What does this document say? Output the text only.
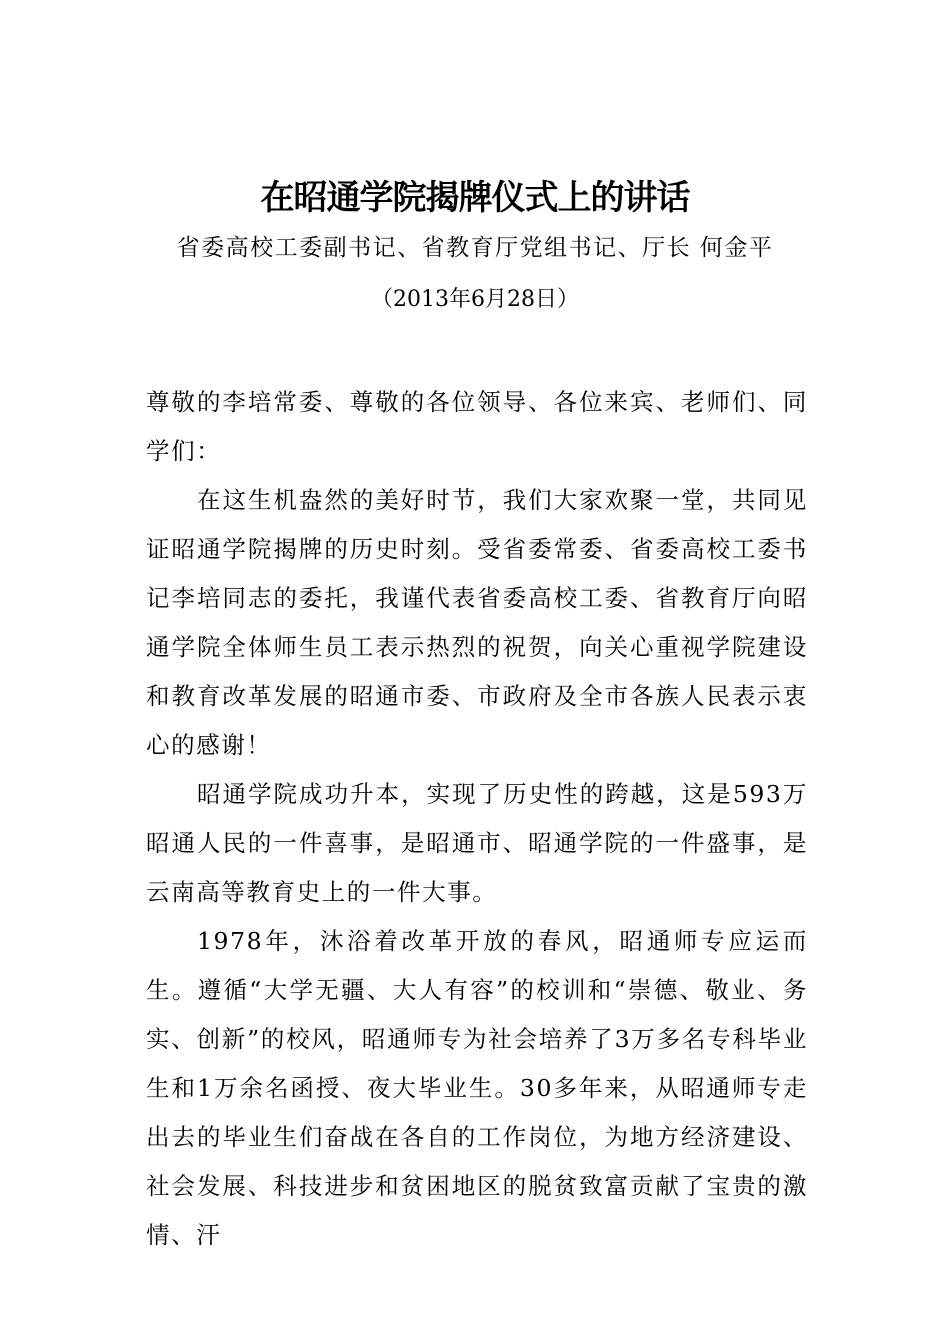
在昭通学院揭牌仪式上的讲话

省委高校工委副书记、省教育厅党组书记、厅长 何金平

（2013年6月28日）

尊敬的李培常委、尊敬的各位领导、各位来宾、老师们、同学们：

在这生机盎然的美好时节，我们大家欢聚一堂，共同见证昭通学院揭牌的历史时刻。受省委常委、省委高校工委书记李培同志的委托，我谨代表省委高校工委、省教育厅向昭通学院全体师生员工表示热烈的祝贺，向关心重视学院建设和教育改革发展的昭通市委、市政府及全市各族人民表示衷心的感谢！

昭通学院成功升本，实现了历史性的跨越，这是593万昭通人民的一件喜事，是昭通市、昭通学院的一件盛事，是云南高等教育史上的一件大事。

1978年，沐浴着改革开放的春风，昭通师专应运而生。遵循“大学无疆、大人有容”的校训和“崇德、敬业、务实、创新”的校风，昭通师专为社会培养了3万多名专科毕业生和1万余名函授、夜大毕业生。30多年来，从昭通师专走出去的毕业生们奋战在各自的工作岗位，为地方经济建设、社会发展、科技进步和贫困地区的脱贫致富贡献了宝贵的激情、汗
